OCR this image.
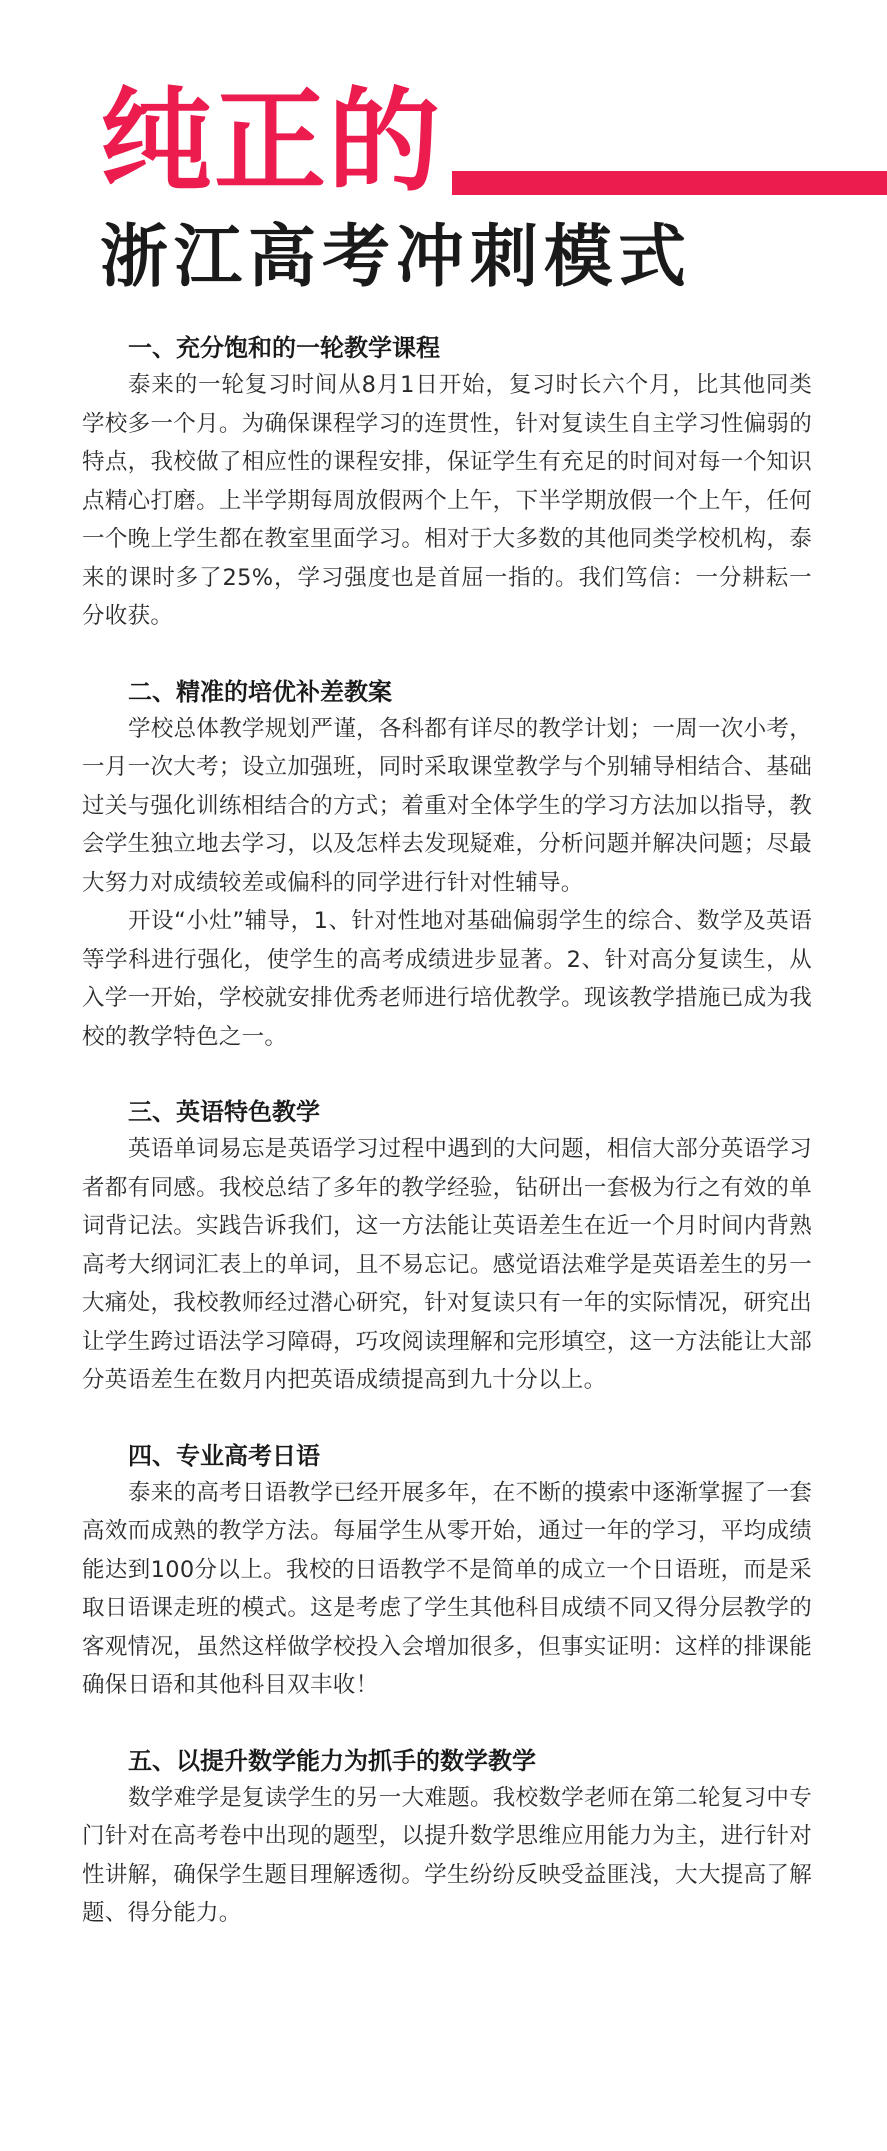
纯正的
浙江高考冲刺模式

一、充分饱和的一轮教学课程

泰来的一轮复习时间从8月1日开始，复习时长六个月，比其他同类学校多一个月。为确保课程学习的连贯性，针对复读生自主学习性偏弱的特点，我校做了相应性的课程安排，保证学生有充足的时间对每一个知识点精心打磨。上半学期每周放假两个上午，下半学期放假一个上午，任何一个晚上学生都在教室里面学习。相对于大多数的其他同类学校机构，泰来的课时多了25%，学习强度也是首屈一指的。我们笃信：一分耕耘一分收获。

二、精准的培优补差教案

学校总体教学规划严谨，各科都有详尽的教学计划；一周一次小考，一月一次大考；设立加强班，同时采取课堂教学与个别辅导相结合、基础过关与强化训练相结合的方式；着重对全体学生的学习方法加以指导，教会学生独立地去学习，以及怎样去发现疑难，分析问题并解决问题；尽最大努力对成绩较差或偏科的同学进行针对性辅导。

开设“小灶”辅导，1、针对性地对基础偏弱学生的综合、数学及英语等学科进行强化，使学生的高考成绩进步显著。2、针对高分复读生，从入学一开始，学校就安排优秀老师进行培优教学。现该教学措施已成为我校的教学特色之一。

三、英语特色教学

英语单词易忘是英语学习过程中遇到的大问题，相信大部分英语学习者都有同感。我校总结了多年的教学经验，钻研出一套极为行之有效的单词背记法。实践告诉我们，这一方法能让英语差生在近一个月时间内背熟高考大纲词汇表上的单词，且不易忘记。感觉语法难学是英语差生的另一大痛处，我校教师经过潜心研究，针对复读只有一年的实际情况，研究出让学生跨过语法学习障碍，巧攻阅读理解和完形填空，这一方法能让大部分英语差生在数月内把英语成绩提高到九十分以上。

四、专业高考日语

泰来的高考日语教学已经开展多年，在不断的摸索中逐渐掌握了一套高效而成熟的教学方法。每届学生从零开始，通过一年的学习，平均成绩能达到100分以上。我校的日语教学不是简单的成立一个日语班，而是采取日语课走班的模式。这是考虑了学生其他科目成绩不同又得分层教学的客观情况，虽然这样做学校投入会增加很多，但事实证明：这样的排课能确保日语和其他科目双丰收！

五、以提升数学能力为抓手的数学教学

数学难学是复读学生的另一大难题。我校数学老师在第二轮复习中专门针对在高考卷中出现的题型，以提升数学思维应用能力为主，进行针对性讲解，确保学生题目理解透彻。学生纷纷反映受益匪浅，大大提高了解题、得分能力。
